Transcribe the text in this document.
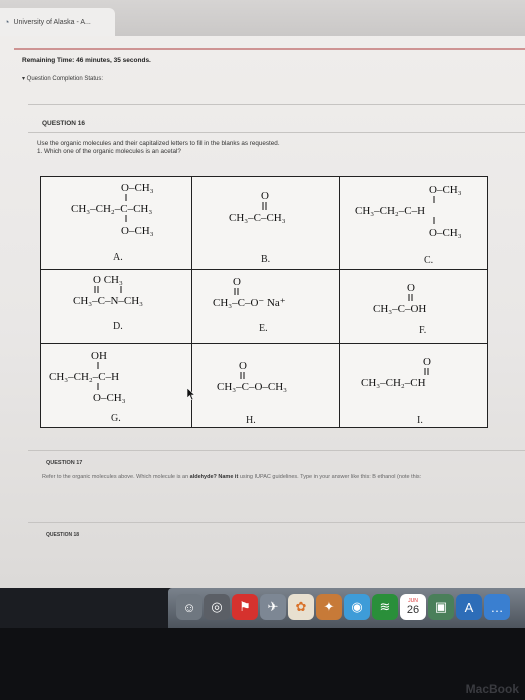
◔ University of Alaska - A...
Remaining Time: 46 minutes, 35 seconds.
▾ Question Completion Status:
QUESTION 16
Use the organic molecules and their capitalized letters to fill in the blanks as requested.
1. Which one of the organic molecules is an acetal?
O–CH₃
CH₃–CH₂–C–CH₃
O–CH₃
A.
O
CH₃–C–CH₃
B.
O–CH₃
CH₃–CH₂–C–H
O–CH₃
C.
O CH₃
CH₃–C–N–CH₃
D.
O
CH₃–C–O⁻ Na⁺
E.
O
CH₃–C–OH
F.
OH
CH₃–CH₂–C–H
O–CH₃
G.
O
CH₃–C–O–CH₃
H.
O
CH₃–CH₂–CH
I.
QUESTION 17
Refer to the organic molecules above. Which molecule is an aldehyde? Name it using IUPAC guidelines. Type in your answer like this: B ethanol (note this:
QUESTION 18
☺	◎	⚑	✈	✿	✦	◉	≋	JUN
26	▣	A	…
MacBook
